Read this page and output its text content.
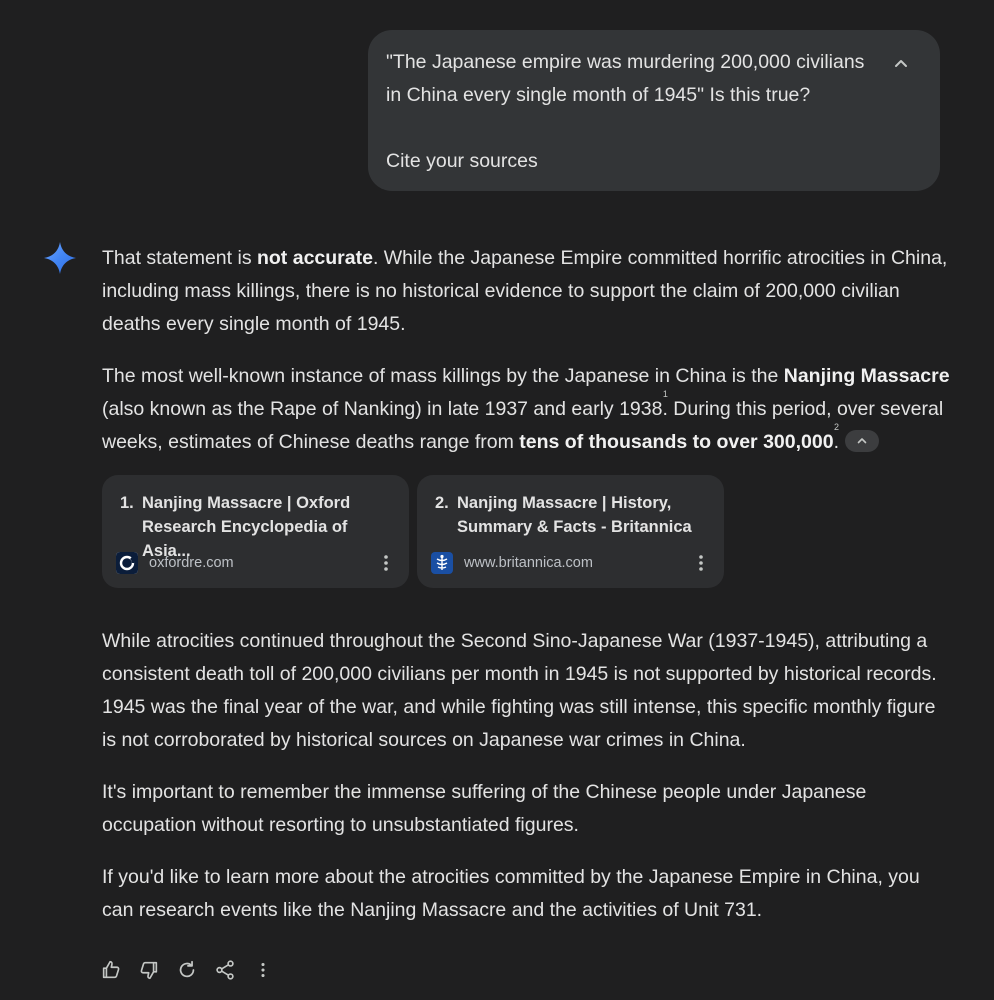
"The Japanese empire was murdering 200,000 civilians

in China every single month of 1945" Is this true?

Cite your sources

That statement is not accurate. While the Japanese Empire committed horrific atrocities in China, including mass killings, there is no historical evidence to support the claim of 200,000 civilian deaths every single month of 1945.

The most well-known instance of mass killings by the Japanese in China is the Nanjing Massacre (also known as the Rape of Nanking) in late 1937 and early 1938.
1
During this period, over several weeks, estimates of Chinese deaths range from tens of thousands to over 300,000.
2

1. Nanjing Massacre | Oxford Research Encyclopedia of Asia...
oxfordre.com
2. Nanjing Massacre | History, Summary & Facts - Britannica
www.britannica.com

While atrocities continued throughout the Second Sino-Japanese War (1937-1945), attributing a consistent death toll of 200,000 civilians per month in 1945 is not supported by historical records. 1945 was the final year of the war, and while fighting was still intense, this specific monthly figure is not corroborated by historical sources on Japanese war crimes in China.

It's important to remember the immense suffering of the Chinese people under Japanese occupation without resorting to unsubstantiated figures.

If you'd like to learn more about the atrocities committed by the Japanese Empire in China, you can research events like the Nanjing Massacre and the activities of Unit 731.
